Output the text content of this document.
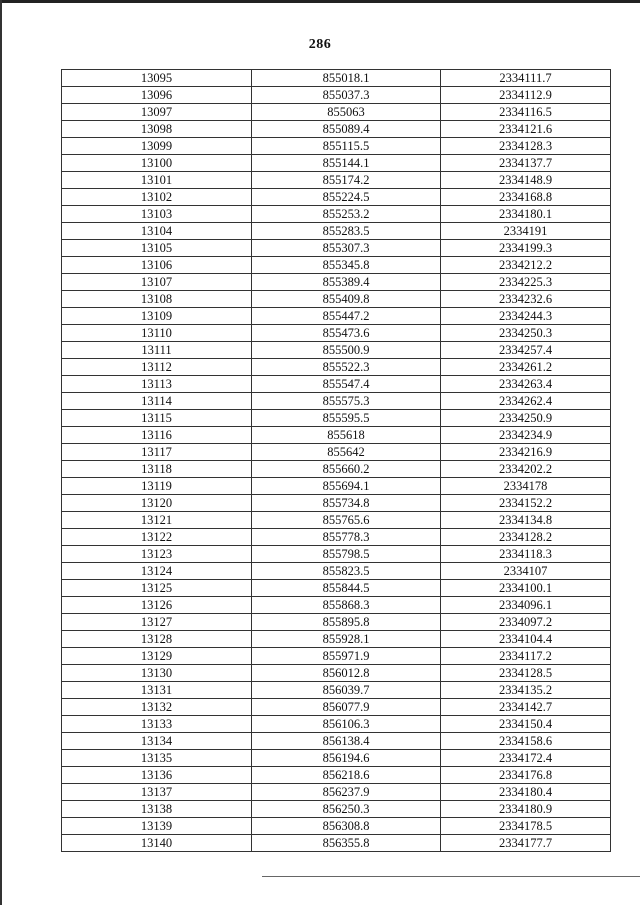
286
13095	855018.1	2334111.7
13096	855037.3	2334112.9
13097	855063	2334116.5
13098	855089.4	2334121.6
13099	855115.5	2334128.3
13100	855144.1	2334137.7
13101	855174.2	2334148.9
13102	855224.5	2334168.8
13103	855253.2	2334180.1
13104	855283.5	2334191
13105	855307.3	2334199.3
13106	855345.8	2334212.2
13107	855389.4	2334225.3
13108	855409.8	2334232.6
13109	855447.2	2334244.3
13110	855473.6	2334250.3
13111	855500.9	2334257.4
13112	855522.3	2334261.2
13113	855547.4	2334263.4
13114	855575.3	2334262.4
13115	855595.5	2334250.9
13116	855618	2334234.9
13117	855642	2334216.9
13118	855660.2	2334202.2
13119	855694.1	2334178
13120	855734.8	2334152.2
13121	855765.6	2334134.8
13122	855778.3	2334128.2
13123	855798.5	2334118.3
13124	855823.5	2334107
13125	855844.5	2334100.1
13126	855868.3	2334096.1
13127	855895.8	2334097.2
13128	855928.1	2334104.4
13129	855971.9	2334117.2
13130	856012.8	2334128.5
13131	856039.7	2334135.2
13132	856077.9	2334142.7
13133	856106.3	2334150.4
13134	856138.4	2334158.6
13135	856194.6	2334172.4
13136	856218.6	2334176.8
13137	856237.9	2334180.4
13138	856250.3	2334180.9
13139	856308.8	2334178.5
13140	856355.8	2334177.7
